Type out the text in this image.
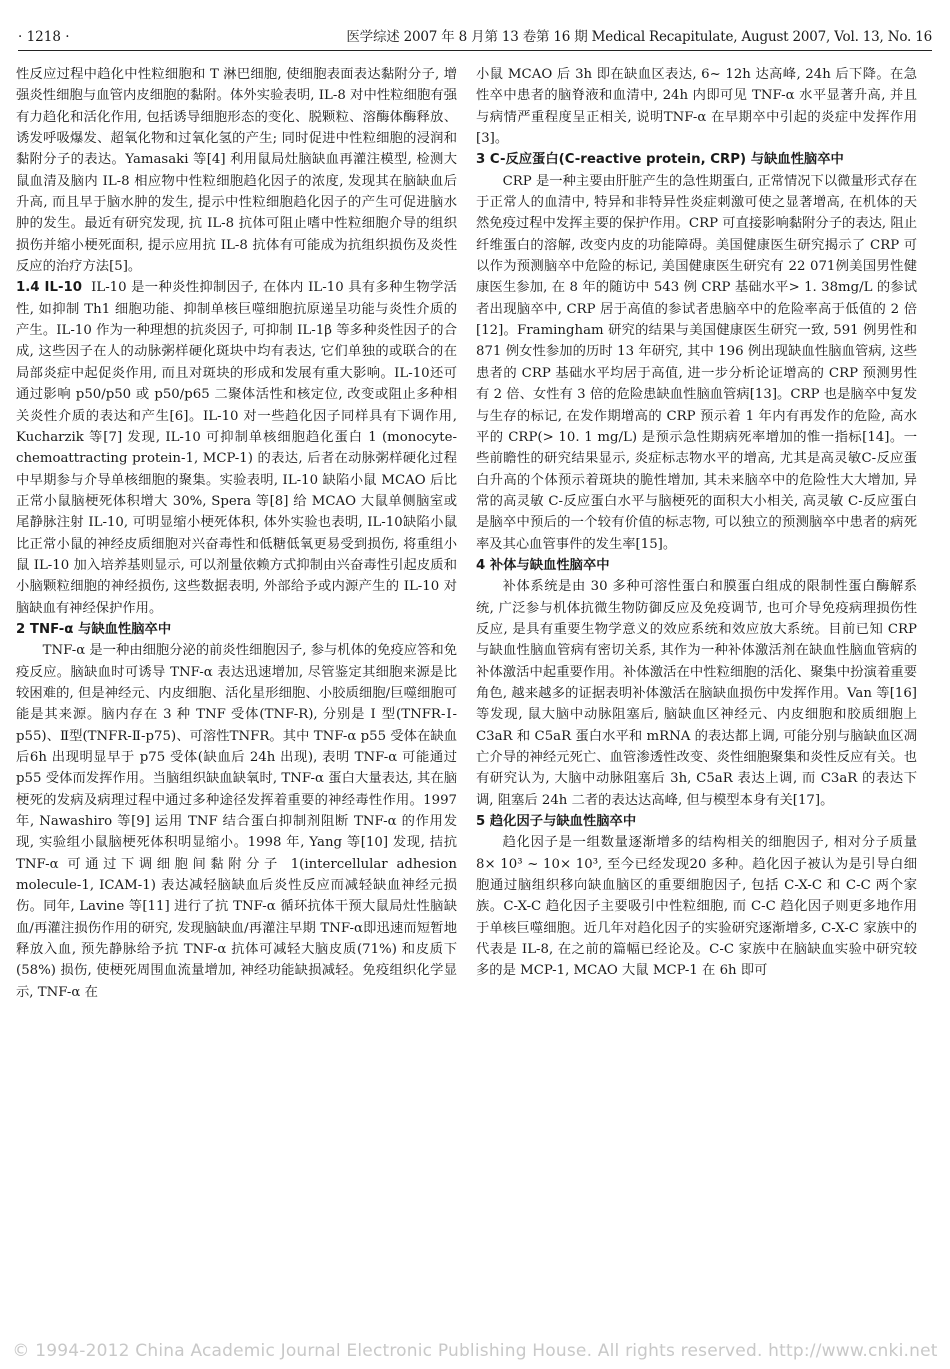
· 1218 ·	医学综述 2007 年 8 月第 13 卷第 16 期 Medical Recapitulate, August 2007, Vol. 13, No. 16

性反应过程中趋化中性粒细胞和 T 淋巴细胞, 使细胞表面表达黏附分子, 增强炎性细胞与血管内皮细胞的黏附。体外实验表明, IL-8 对中性粒细胞有强有力趋化和活化作用, 包括诱导细胞形态的变化、脱颗粒、溶酶体酶释放、诱发呼吸爆发、超氧化物和过氧化氢的产生; 同时促进中性粒细胞的浸润和黏附分子的表达。Yamasaki 等[4] 利用鼠局灶脑缺血再灌注模型, 检测大鼠血清及脑内 IL-8 相应物中性粒细胞趋化因子的浓度, 发现其在脑缺血后升高, 而且早于脑水肿的发生, 提示中性粒细胞趋化因子的产生可促进脑水肿的发生。最近有研究发现, 抗 IL-8 抗体可阻止嗜中性粒细胞介导的组织损伤并缩小梗死面积, 提示应用抗 IL-8 抗体有可能成为抗组织损伤及炎性反应的治疗方法[5]。

1.4 IL-10 IL-10 是一种炎性抑制因子, 在体内 IL-10 具有多种生物学活性, 如抑制 Th1 细胞功能、抑制单核巨噬细胞抗原递呈功能与炎性介质的产生。IL-10 作为一种理想的抗炎因子, 可抑制 IL-1β 等多种炎性因子的合成, 这些因子在人的动脉粥样硬化斑块中均有表达, 它们单独的或联合的在局部炎症中起促炎作用, 而且对斑块的形成和发展有重大影响。IL-10还可通过影响 p50/p50 或 p50/p65 二聚体活性和核定位, 改变或阻止多种相关炎性介质的表达和产生[6]。IL-10 对一些趋化因子同样具有下调作用, Kucharzik 等[7] 发现, IL-10 可抑制单核细胞趋化蛋白 1 (monocyte-chemoattracting protein-1, MCP-1) 的表达, 后者在动脉粥样硬化过程中早期参与介导单核细胞的聚集。实验表明, IL-10 缺陷小鼠 MCAO 后比正常小鼠脑梗死体积增大 30%, Spera 等[8] 给 MCAO 大鼠单侧脑室或尾静脉注射 IL-10, 可明显缩小梗死体积, 体外实验也表明, IL-10缺陷小鼠比正常小鼠的神经皮质细胞对兴奋毒性和低糖低氧更易受到损伤, 将重组小鼠 IL-10 加入培养基则显示, 可以剂量依赖方式抑制由兴奋毒性引起皮质和小脑颗粒细胞的神经损伤, 这些数据表明, 外部给予或内源产生的 IL-10 对脑缺血有神经保护作用。

2 TNF-α 与缺血性脑卒中

TNF-α 是一种由细胞分泌的前炎性细胞因子, 参与机体的免疫应答和免疫反应。脑缺血时可诱导 TNF-α 表达迅速增加, 尽管鉴定其细胞来源是比较困难的, 但是神经元、内皮细胞、活化星形细胞、小胶质细胞/巨噬细胞可能是其来源。脑内存在 3 种 TNF 受体(TNF-R), 分别是 Ⅰ 型(TNFR-Ⅰ-p55)、Ⅱ型(TNFR-Ⅱ-p75)、可溶性TNFR。其中 TNF-α p55 受体在缺血后6h 出现明显早于 p75 受体(缺血后 24h 出现), 表明 TNF-α 可能通过 p55 受体而发挥作用。当脑组织缺血缺氧时, TNF-α 蛋白大量表达, 其在脑梗死的发病及病理过程中通过多种途径发挥着重要的神经毒性作用。1997 年, Nawashiro 等[9] 运用 TNF 结合蛋白抑制剂阻断 TNF-α 的作用发现, 实验组小鼠脑梗死体积明显缩小。1998 年, Yang 等[10] 发现, 拮抗 TNF-α 可通过下调细胞间黏附分子 1(intercellular adhesion molecule-1, ICAM-1) 表达减轻脑缺血后炎性反应而减轻缺血神经元损伤。同年, Lavine 等[11] 进行了抗 TNF-α 循环抗体干预大鼠局灶性脑缺血/再灌注损伤作用的研究, 发现脑缺血/再灌注早期 TNF-α即迅速而短暂地释放入血, 预先静脉给予抗 TNF-α 抗体可减轻大脑皮质(71%) 和皮质下(58%) 损伤, 使梗死周围血流量增加, 神经功能缺损减轻。免疫组织化学显示, TNF-α 在

小鼠 MCAO 后 3h 即在缺血区表达, 6~ 12h 达高峰, 24h 后下降。在急性卒中患者的脑脊液和血清中, 24h 内即可见 TNF-α 水平显著升高, 并且与病情严重程度呈正相关, 说明TNF-α 在早期卒中引起的炎症中发挥作用[3]。

3 C-反应蛋白(C-reactive protein, CRP) 与缺血性脑卒中

CRP 是一种主要由肝脏产生的急性期蛋白, 正常情况下以微量形式存在于正常人的血清中, 特异和非特异性炎症刺激可使之显著增高, 在机体的天然免疫过程中发挥主要的保护作用。CRP 可直接影响黏附分子的表达, 阻止纤维蛋白的溶解, 改变内皮的功能障碍。美国健康医生研究揭示了 CRP 可以作为预测脑卒中危险的标记, 美国健康医生研究有 22 071例美国男性健康医生参加, 在 8 年的随访中 543 例 CRP 基础水平> 1. 38mg/L 的参试者出现脑卒中, CRP 居于高值的参试者患脑卒中的危险率高于低值的 2 倍[12]。Framingham 研究的结果与美国健康医生研究一致, 591 例男性和 871 例女性参加的历时 13 年研究, 其中 196 例出现缺血性脑血管病, 这些患者的 CRP 基础水平均居于高值, 进一步分析论证增高的 CRP 预测男性有 2 倍、女性有 3 倍的危险患缺血性脑血管病[13]。CRP 也是脑卒中复发与生存的标记, 在发作期增高的 CRP 预示着 1 年内有再发作的危险, 高水平的 CRP(> 10. 1 mg/L) 是预示急性期病死率增加的惟一指标[14]。一些前瞻性的研究结果显示, 炎症标志物水平的增高, 尤其是高灵敏C-反应蛋白升高的个体预示着斑块的脆性增加, 其未来脑卒中的危险性大大增加, 异常的高灵敏 C-反应蛋白水平与脑梗死的面积大小相关, 高灵敏 C-反应蛋白是脑卒中预后的一个较有价值的标志物, 可以独立的预测脑卒中患者的病死率及其心血管事件的发生率[15]。

4 补体与缺血性脑卒中

补体系统是由 30 多种可溶性蛋白和膜蛋白组成的限制性蛋白酶解系统, 广泛参与机体抗微生物防御反应及免疫调节, 也可介导免疫病理损伤性反应, 是具有重要生物学意义的效应系统和效应放大系统。目前已知 CRP 与缺血性脑血管病有密切关系, 其作为一种补体激活剂在缺血性脑血管病的补体激活中起重要作用。补体激活在中性粒细胞的活化、聚集中扮演着重要角色, 越来越多的证据表明补体激活在脑缺血损伤中发挥作用。Van 等[16] 等发现, 鼠大脑中动脉阻塞后, 脑缺血区神经元、内皮细胞和胶质细胞上 C3aR 和 C5aR 蛋白水平和 mRNA 的表达都上调, 可能分别与脑缺血区凋亡介导的神经元死亡、血管渗透性改变、炎性细胞聚集和炎性反应有关。也有研究认为, 大脑中动脉阻塞后 3h, C5aR 表达上调, 而 C3aR 的表达下调, 阻塞后 24h 二者的表达达高峰, 但与模型本身有关[17]。

5 趋化因子与缺血性脑卒中

趋化因子是一组数量逐渐增多的结构相关的细胞因子, 相对分子质量 8× 10³ ~ 10× 10³, 至今已经发现20 多种。趋化因子被认为是引导白细胞通过脑组织移向缺血脑区的重要细胞因子, 包括 C-X-C 和 C-C 两个家族。C-X-C 趋化因子主要吸引中性粒细胞, 而 C-C 趋化因子则更多地作用于单核巨噬细胞。近几年对趋化因子的实验研究逐渐增多, C-X-C 家族中的代表是 IL-8, 在之前的篇幅已经论及。C-C 家族中在脑缺血实验中研究较多的是 MCP-1, MCAO 大鼠 MCP-1 在 6h 即可

© 1994-2012 China Academic Journal Electronic Publishing House. All rights reserved. http://www.cnki.net
